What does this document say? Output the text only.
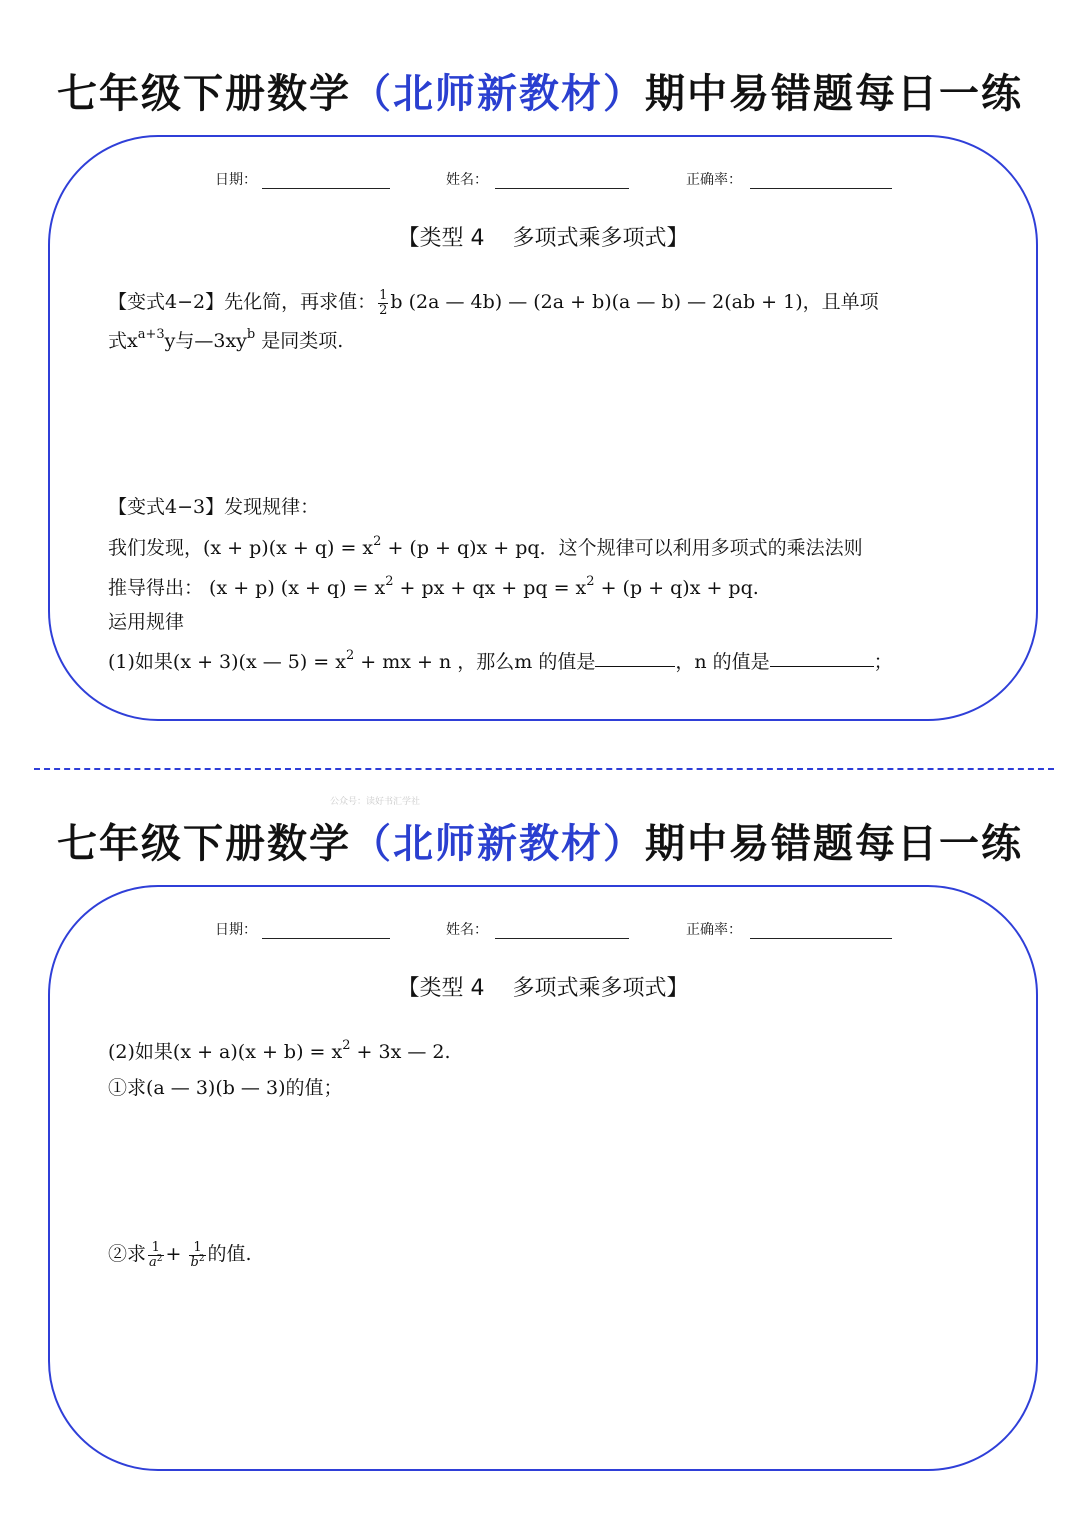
七年级下册数学（北师新教材）期中易错题每日一练
日期：	姓名：	正确率：
【类型 4    多项式乘多项式】
【变式4−2】先化简，再求值： $\frac{1}{2}$ b (2a — 4b) — (2a + b)(a — b) — 2(ab + 1)，且单项
式$x^{a+3}y$与$—3xy^b$ 是同类项.
【变式4−3】发现规律：
我们发现，$(x + p)(x + q) = x^2 + (p + q)x$ + pq．这个规律可以利用多项式的乘法法则
推导得出： (x + p) $(x + q) = x^2$ + px + qx + pq = $x^2 + (p + q)x$ + pq.
运用规律
(1)如果(x + 3)(x — $5) = x^2$ + mx + n ，那么m 的值是	，n 的值是	；
公众号：读好书汇学社
七年级下册数学（北师新教材）期中易错题每日一练
日期：	姓名：	正确率：
【类型 4    多项式乘多项式】
(2)如果$(x + a)(x + b) = x^2 + 3x$ — 2.
①求(a — 3)(b — 3)的值；
②求 $\frac{1}{a^2} + \frac{1}{b^2}$ 的值.
